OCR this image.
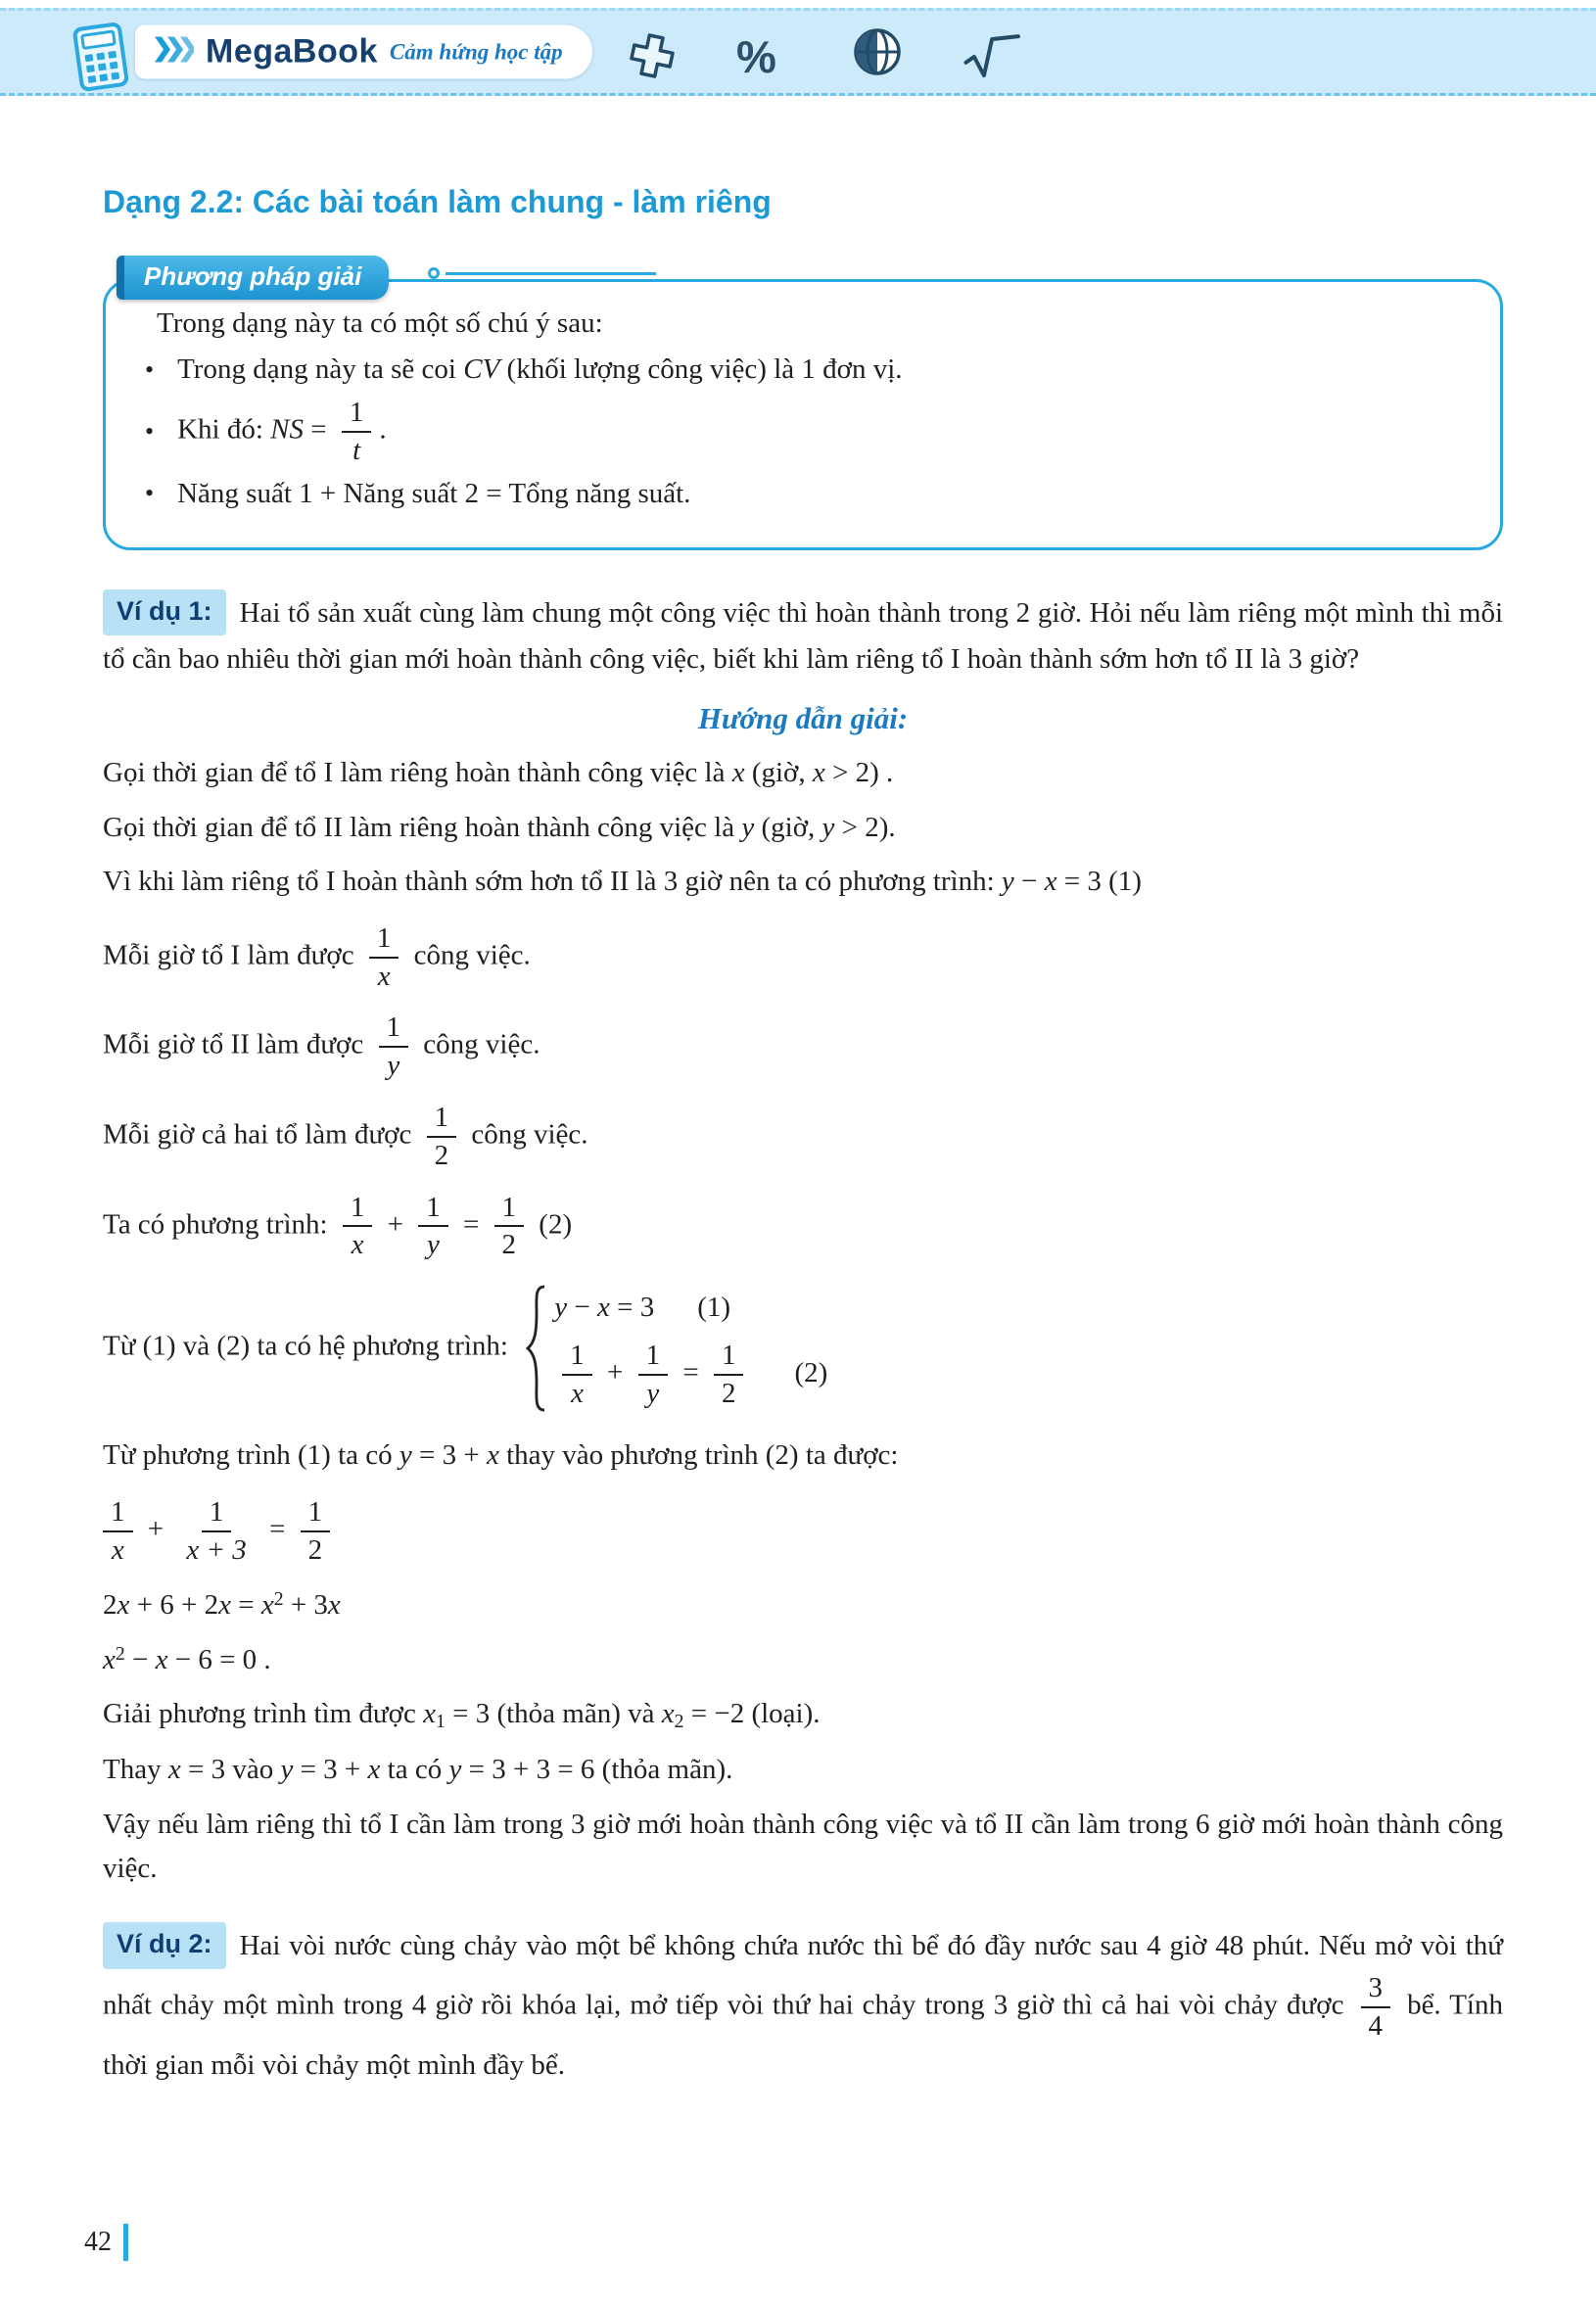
MegaBook Cảm hứng học tập	%
Dạng 2.2: Các bài toán làm chung - làm riêng
Phương pháp giải
Trong dạng này ta có một số chú ý sau:
• Trong dạng này ta sẽ coi CV (khối lượng công việc) là 1 đơn vị.
• Khi đó: NS = $\frac{1}{t}$ .
• Năng suất 1 + Năng suất 2 = Tổng năng suất.

Ví dụ 1: Hai tổ sản xuất cùng làm chung một công việc thì hoàn thành trong 2 giờ. Hỏi nếu làm riêng một mình thì mỗi tổ cần bao nhiêu thời gian mới hoàn thành công việc, biết khi làm riêng tổ I hoàn thành sớm hơn tổ II là 3 giờ?

Hướng dẫn giải:
Gọi thời gian để tổ I làm riêng hoàn thành công việc là x (giờ, x > 2) .
Gọi thời gian để tổ II làm riêng hoàn thành công việc là y (giờ, y > 2).
Vì khi làm riêng tổ I hoàn thành sớm hơn tổ II là 3 giờ nên ta có phương trình: y − x = 3 (1)
Mỗi giờ tổ I làm được $\frac{1}{x}$ công việc.
Mỗi giờ tổ II làm được $\frac{1}{y}$ công việc.
Mỗi giờ cả hai tổ làm được $\frac{1}{2}$ công việc.
Ta có phương trình: $\frac{1}{x} + \frac{1}{y} = \frac{1}{2} (2)$
Từ (1) và (2) ta có hệ phương trình:
y − x = 3 (1)
$\frac{1}{x} + \frac{1}{y} = \frac{1}{2} (2)$
Từ phương trình (1) ta có y = 3 + x thay vào phương trình (2) ta được:
$\frac{1}{x} + \frac{1}{x + 3} = \frac{1}{2}$
$2x + 6 + 2x = x^2 + 3x$
$x^2 - x - 6 = 0$ .
Giải phương trình tìm được $x_1 = 3$ (thỏa mãn) và $x_2 = -2$ (loại).
Thay x = 3 vào y = 3 + x ta có y = 3 + 3 = 6 (thỏa mãn).

Vậy nếu làm riêng thì tổ I cần làm trong 3 giờ mới hoàn thành công việc và tổ II cần làm trong 6 giờ mới hoàn thành công việc.

Ví dụ 2: Hai vòi nước cùng chảy vào một bể không chứa nước thì bể đó đầy nước sau 4 giờ 48 phút. Nếu mở vòi thứ nhất chảy một mình trong 4 giờ rồi khóa lại, mở tiếp vòi thứ hai chảy trong 3 giờ thì cả hai vòi chảy được $\frac{3}{4}$ bể. Tính thời gian mỗi vòi chảy một mình đầy bể.

42
